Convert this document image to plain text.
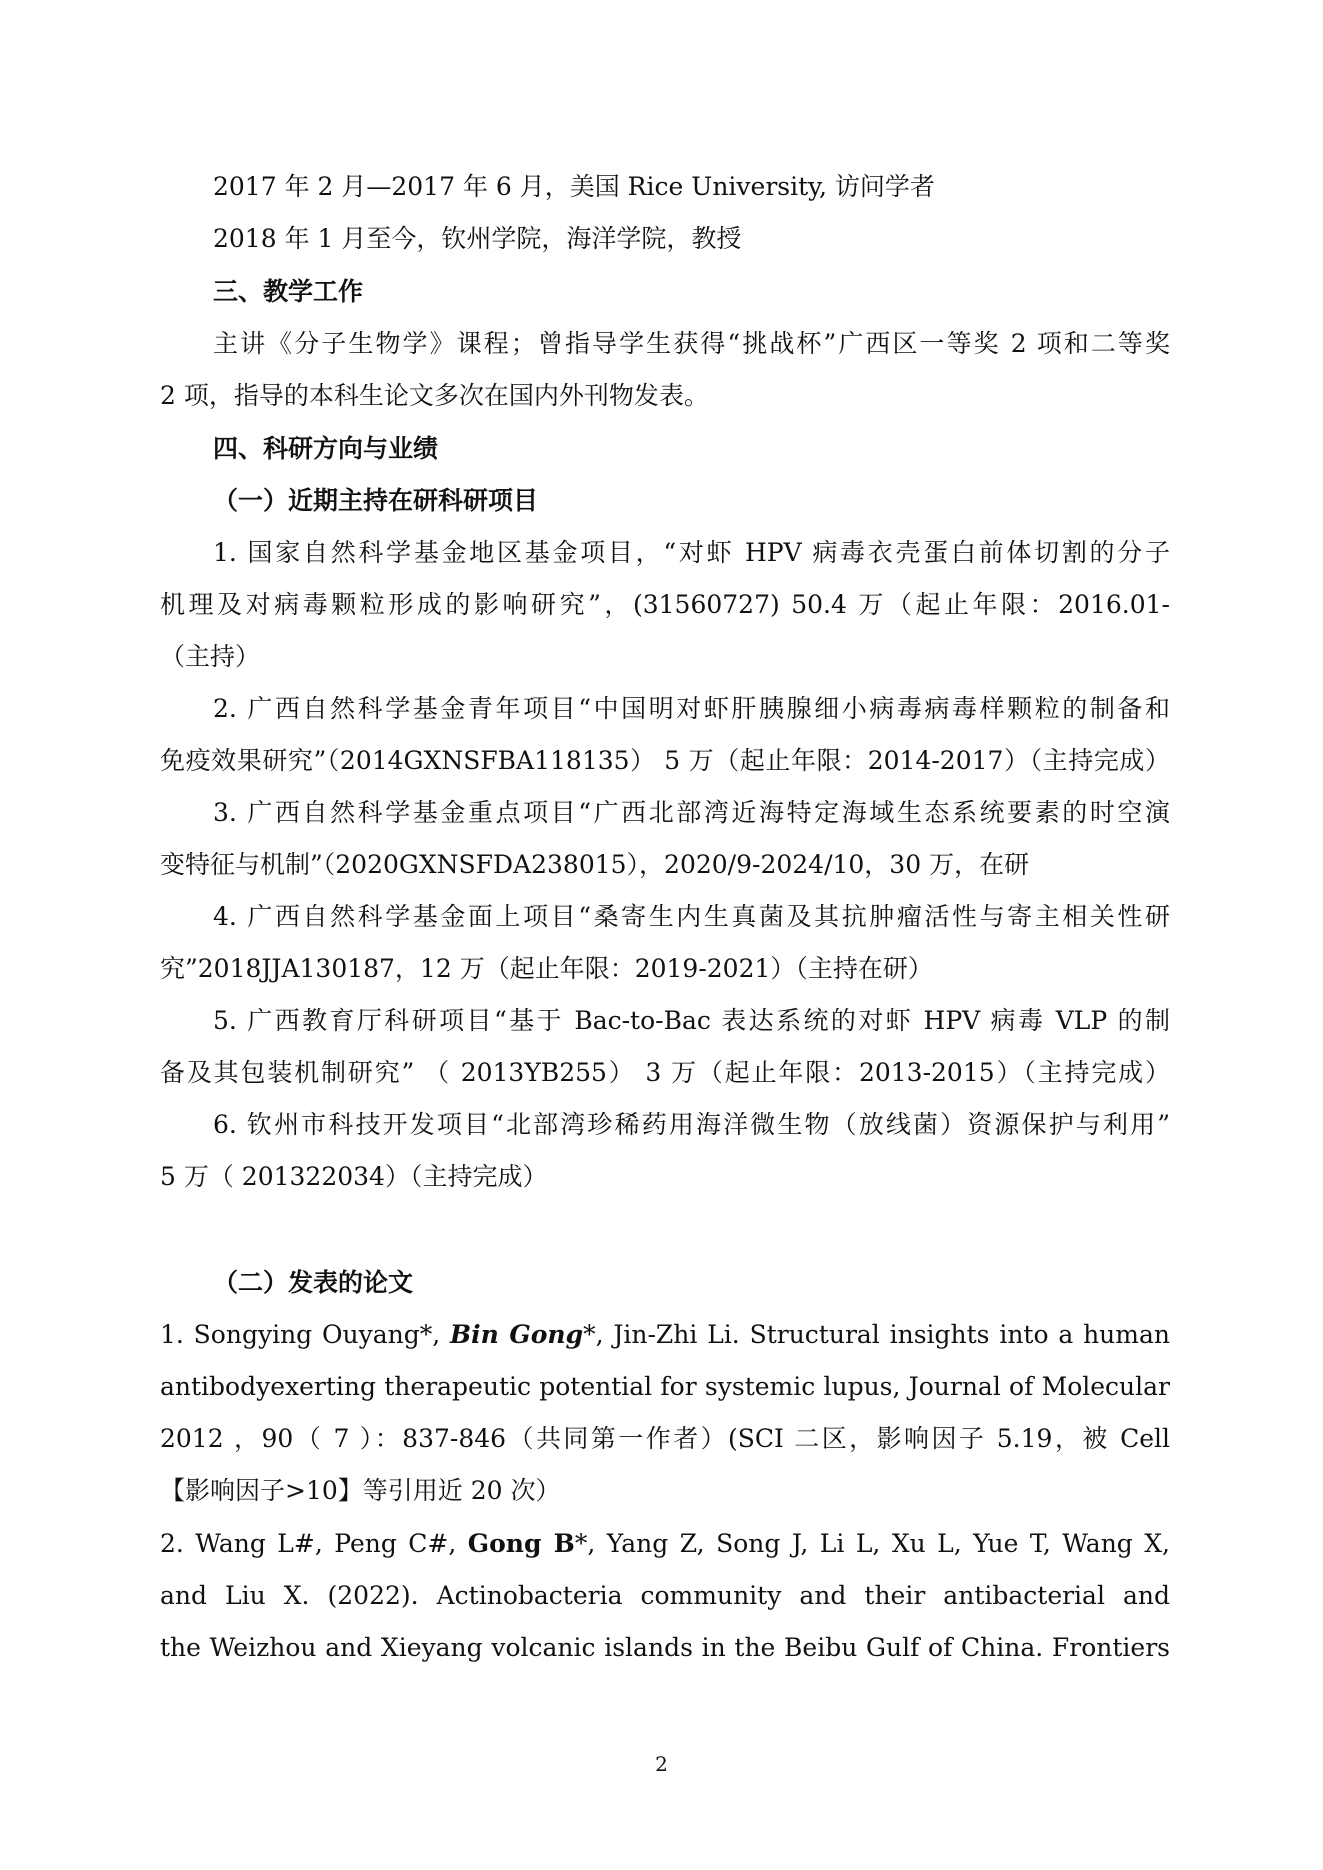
2017 年 2 月—2017 年 6 月，美国 Rice University, 访问学者
2018 年 1 月至今，钦州学院，海洋学院，教授
三、教学工作
主讲《分子生物学》课程；曾指导学生获得“挑战杯”广西区一等奖 2 项和二等奖
2 项，指导的本科生论文多次在国内外刊物发表。
四、科研方向与业绩
（一）近期主持在研科研项目
1. 国家自然科学基金地区基金项目，“对虾 HPV 病毒衣壳蛋白前体切割的分子
机理及对病毒颗粒形成的影响研究”，(31560727) 50.4 万（起止年限：2016.01-
（主持）
2. 广西自然科学基金青年项目“中国明对虾肝胰腺细小病毒病毒样颗粒的制备和
免疫效果研究”（2014GXNSFBA118135） 5 万（起止年限：2014-2017）（主持完成）
3. 广西自然科学基金重点项目“广西北部湾近海特定海域生态系统要素的时空演
变特征与机制”（2020GXNSFDA238015），2020/9-2024/10，30 万，在研
4. 广西自然科学基金面上项目“桑寄生内生真菌及其抗肿瘤活性与寄主相关性研
究”2018JJA130187，12 万（起止年限：2019-2021）（主持在研）
5. 广西教育厅科研项目“基于 Bac-to-Bac 表达系统的对虾 HPV 病毒 VLP 的制
备及其包装机制研究” （ 2013YB255） 3 万（起止年限：2013-2015）（主持完成）
6. 钦州市科技开发项目“北部湾珍稀药用海洋微生物（放线菌）资源保护与利用”
5 万（ 201322034）（主持完成）
（二）发表的论文
1. Songying Ouyang*, Bin Gong*, Jin-Zhi Li. Structural insights into a human
antibodyexerting therapeutic potential for systemic lupus, Journal of Molecular
2012 ，90（ 7 ）：837-846（共同第一作者）(SCI 二区，影响因子 5.19，被 Cell
【影响因子>10】等引用近 20 次）
2. Wang L#, Peng C#, Gong B*, Yang Z, Song J, Li L, Xu L, Yue T, Wang X,
and Liu X. (2022). Actinobacteria community and their antibacterial and
the Weizhou and Xieyang volcanic islands in the Beibu Gulf of China. Frontiers
2
